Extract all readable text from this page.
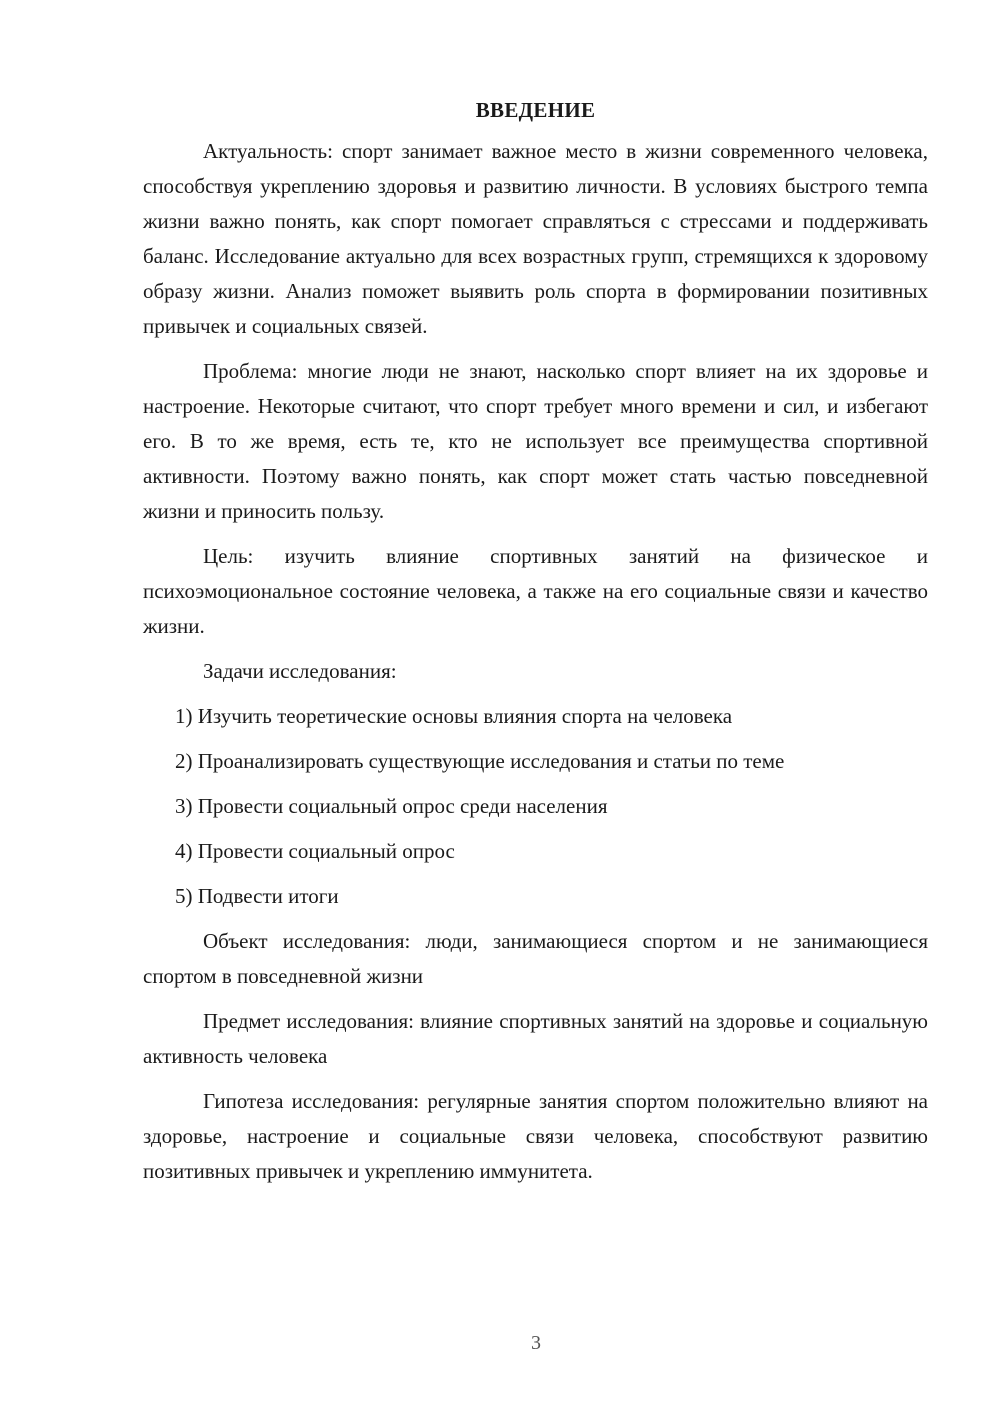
ВВЕДЕНИЕ

Актуальность: спорт занимает важное место в жизни современного человека, способствуя укреплению здоровья и развитию личности. В условиях быстрого темпа жизни важно понять, как спорт помогает справляться с стрессами и поддерживать баланс. Исследование актуально для всех возрастных групп, стремящихся к здоровому образу жизни. Анализ поможет выявить роль спорта в формировании позитивных привычек и социальных связей.

Проблема: многие люди не знают, насколько спорт влияет на их здоровье и настроение. Некоторые считают, что спорт требует много времени и сил, и избегают его. В то же время, есть те, кто не использует все преимущества спортивной активности. Поэтому важно понять, как спорт может стать частью повседневной жизни и приносить пользу.

Цель: изучить влияние спортивных занятий на физическое и психоэмоциональное состояние человека, а также на его социальные связи и качество жизни.

Задачи исследования:

1) Изучить теоретические основы влияния спорта на человека

2) Проанализировать существующие исследования и статьи по теме

3) Провести социальный опрос среди населения

4) Провести социальный опрос

5) Подвести итоги

Объект исследования: люди, занимающиеся спортом и не занимающиеся спортом в повседневной жизни

Предмет исследования: влияние спортивных занятий на здоровье и социальную активность человека

Гипотеза исследования: регулярные занятия спортом положительно влияют на здоровье, настроение и социальные связи человека, способствуют развитию позитивных привычек и укреплению иммунитета.

3
